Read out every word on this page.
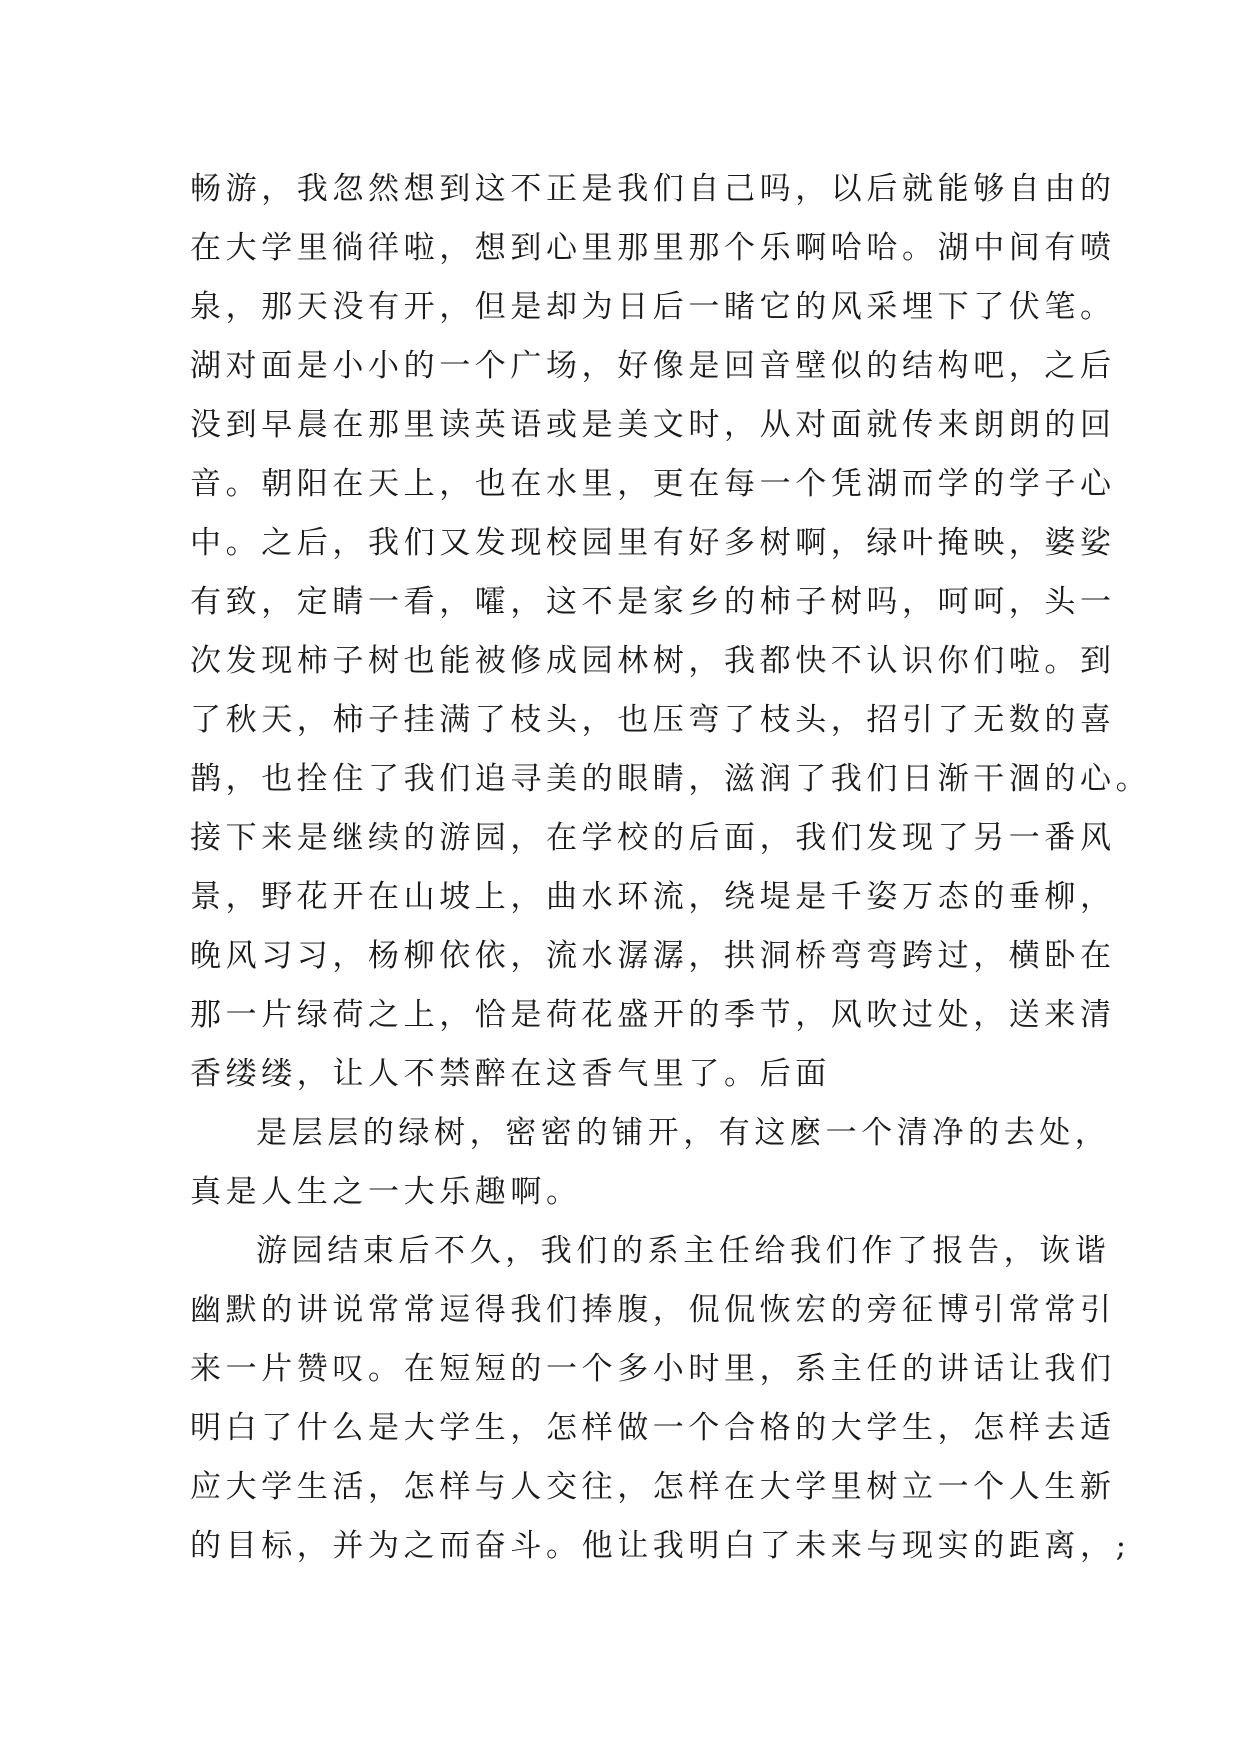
畅游，我忽然想到这不正是我们自己吗，以后就能够自由的
在大学里徜徉啦，想到心里那里那个乐啊哈哈。湖中间有喷
泉，那天没有开，但是却为日后一睹它的风采埋下了伏笔。
湖对面是小小的一个广场，好像是回音壁似的结构吧，之后
没到早晨在那里读英语或是美文时，从对面就传来朗朗的回
音。朝阳在天上，也在水里，更在每一个凭湖而学的学子心
中。之后，我们又发现校园里有好多树啊，绿叶掩映，婆娑
有致，定睛一看，嚯，这不是家乡的柿子树吗，呵呵，头一
次发现柿子树也能被修成园林树，我都快不认识你们啦。到
了秋天，柿子挂满了枝头，也压弯了枝头，招引了无数的喜
鹊，也拴住了我们追寻美的眼睛，滋润了我们日渐干涸的心。
接下来是继续的游园，在学校的后面，我们发现了另一番风
景，野花开在山坡上，曲水环流，绕堤是千姿万态的垂柳，
晚风习习，杨柳依依，流水潺潺，拱洞桥弯弯跨过，横卧在
那一片绿荷之上，恰是荷花盛开的季节，风吹过处，送来清
香缕缕，让人不禁醉在这香气里了。后面
是层层的绿树，密密的铺开，有这麽一个清净的去处，
真是人生之一大乐趣啊。
游园结束后不久，我们的系主任给我们作了报告，诙谐
幽默的讲说常常逗得我们捧腹，侃侃恢宏的旁征博引常常引
来一片赞叹。在短短的一个多小时里，系主任的讲话让我们
明白了什么是大学生，怎样做一个合格的大学生，怎样去适
应大学生活，怎样与人交往，怎样在大学里树立一个人生新
的目标，并为之而奋斗。他让我明白了未来与现实的距离，;
